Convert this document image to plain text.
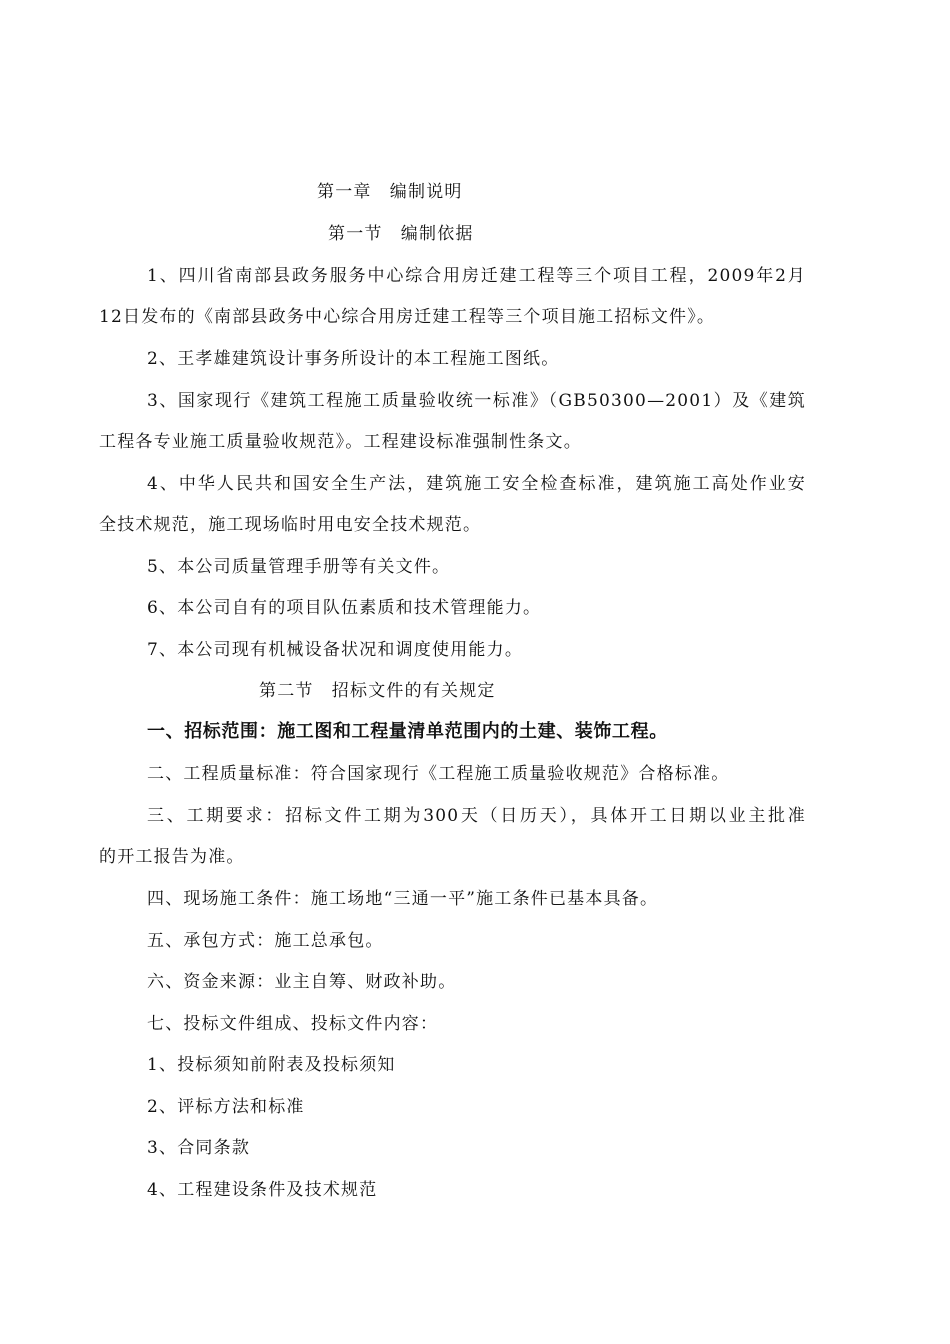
第一章　编制说明
第一节　编制依据
1、四川省南部县政务服务中心综合用房迁建工程等三个项目工程，2009年2月
12日发布的《南部县政务中心综合用房迁建工程等三个项目施工招标文件》。
2、王孝雄建筑设计事务所设计的本工程施工图纸。
3、国家现行《建筑工程施工质量验收统一标准》（GB50300—2001）及《建筑
工程各专业施工质量验收规范》。工程建设标准强制性条文。
4、中华人民共和国安全生产法，建筑施工安全检查标准，建筑施工高处作业安
全技术规范，施工现场临时用电安全技术规范。
5、本公司质量管理手册等有关文件。
6、本公司自有的项目队伍素质和技术管理能力。
7、本公司现有机械设备状况和调度使用能力。
第二节　招标文件的有关规定
一、招标范围：施工图和工程量清单范围内的土建、装饰工程。
二、工程质量标准：符合国家现行《工程施工质量验收规范》合格标准。
三、工期要求：招标文件工期为300天（日历天），具体开工日期以业主批准
的开工报告为准。
四、现场施工条件：施工场地“三通一平”施工条件已基本具备。
五、承包方式：施工总承包。
六、资金来源：业主自筹、财政补助。
七、投标文件组成、投标文件内容：
1、投标须知前附表及投标须知
2、评标方法和标准
3、合同条款
4、工程建设条件及技术规范
